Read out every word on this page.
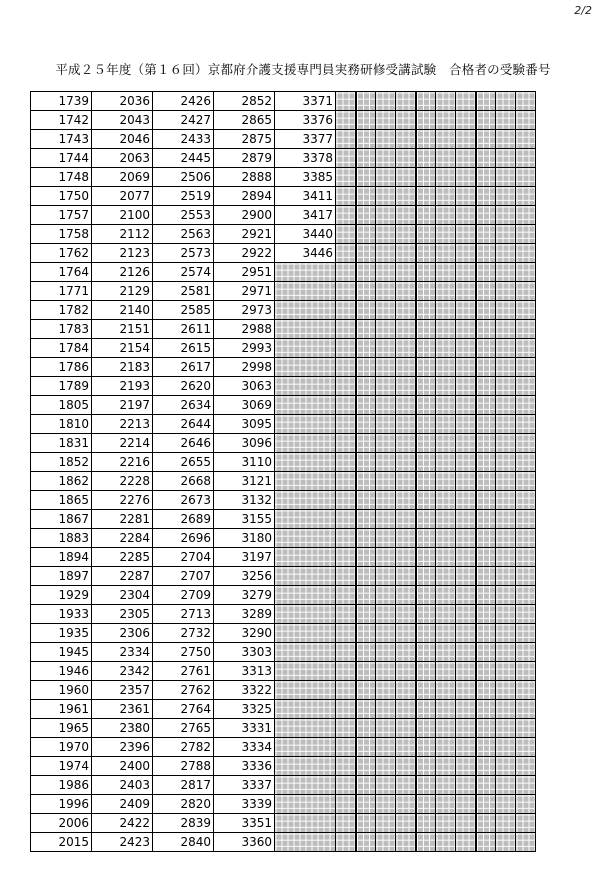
2/2
平成２５年度（第１６回）京都府介護支援専門員実務研修受講試験　合格者の受験番号
1739	2036	2426	2852	3371										
1742	2043	2427	2865	3376										
1743	2046	2433	2875	3377										
1744	2063	2445	2879	3378										
1748	2069	2506	2888	3385										
1750	2077	2519	2894	3411										
1757	2100	2553	2900	3417										
1758	2112	2563	2921	3440										
1762	2123	2573	2922	3446										
1764	2126	2574	2951											
1771	2129	2581	2971											
1782	2140	2585	2973											
1783	2151	2611	2988											
1784	2154	2615	2993											
1786	2183	2617	2998											
1789	2193	2620	3063											
1805	2197	2634	3069											
1810	2213	2644	3095											
1831	2214	2646	3096											
1852	2216	2655	3110											
1862	2228	2668	3121											
1865	2276	2673	3132											
1867	2281	2689	3155											
1883	2284	2696	3180											
1894	2285	2704	3197											
1897	2287	2707	3256											
1929	2304	2709	3279											
1933	2305	2713	3289											
1935	2306	2732	3290											
1945	2334	2750	3303											
1946	2342	2761	3313											
1960	2357	2762	3322											
1961	2361	2764	3325											
1965	2380	2765	3331											
1970	2396	2782	3334											
1974	2400	2788	3336											
1986	2403	2817	3337											
1996	2409	2820	3339											
2006	2422	2839	3351											
2015	2423	2840	3360											
